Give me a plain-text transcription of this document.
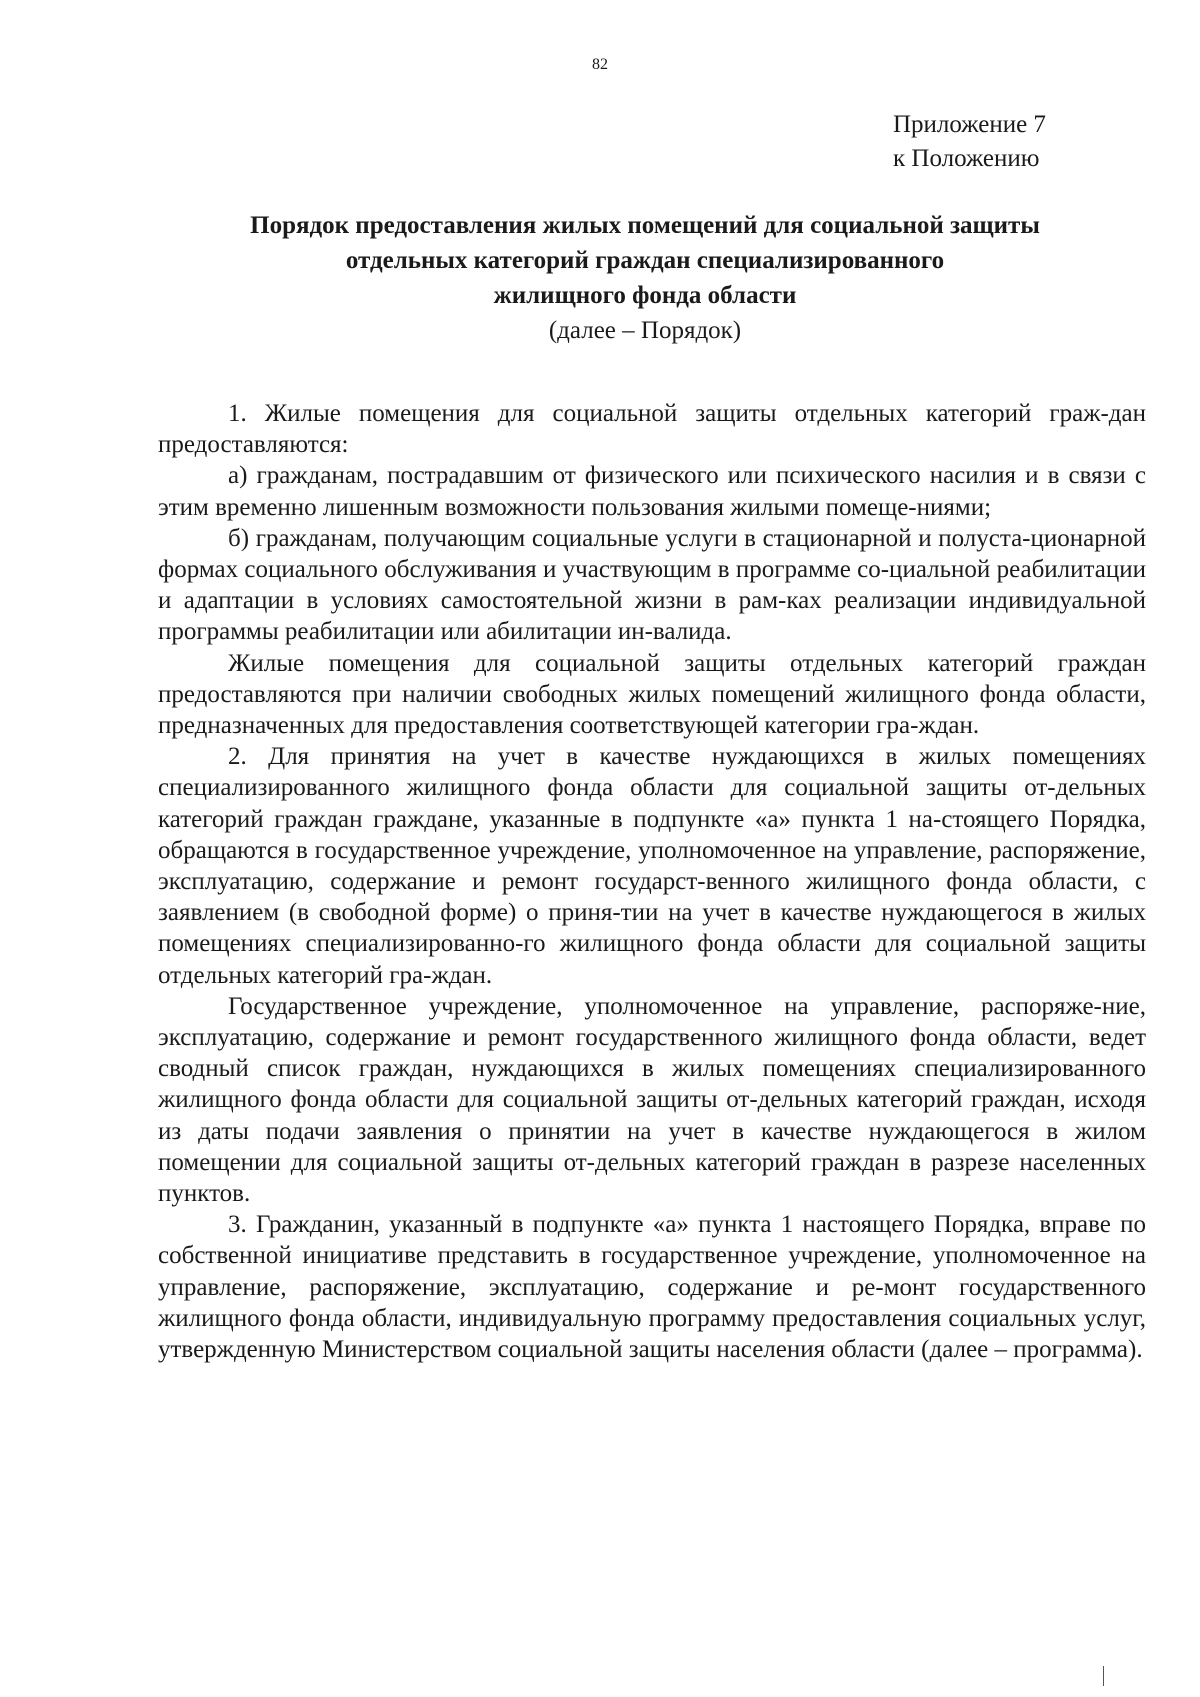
82
Приложение 7
к Положению
Порядок предоставления жилых помещений для социальной защиты
отдельных категорий граждан специализированного
жилищного фонда области
(далее – Порядок)

1. Жилые помещения для социальной защиты отдельных категорий граж-дан предоставляются:

а) гражданам, пострадавшим от физического или психического насилия и в связи с этим временно лишенным возможности пользования жилыми помеще-ниями;

б) гражданам, получающим социальные услуги в стационарной и полуста-ционарной формах социального обслуживания и участвующим в программе со-циальной реабилитации и адаптации в условиях самостоятельной жизни в рам-ках реализации индивидуальной программы реабилитации или абилитации ин-валида.

Жилые помещения для социальной защиты отдельных категорий граждан предоставляются при наличии свободных жилых помещений жилищного фонда области, предназначенных для предоставления соответствующей категории гра-ждан.

2. Для принятия на учет в качестве нуждающихся в жилых помещениях специализированного жилищного фонда области для социальной защиты от-дельных категорий граждан граждане, указанные в подпункте «а» пункта 1 на-стоящего Порядка, обращаются в государственное учреждение, уполномоченное на управление, распоряжение, эксплуатацию, содержание и ремонт государст-венного жилищного фонда области, с заявлением (в свободной форме) о приня-тии на учет в качестве нуждающегося в жилых помещениях специализированно-го жилищного фонда области для социальной защиты отдельных категорий гра-ждан.

Государственное учреждение, уполномоченное на управление, распоряже-ние, эксплуатацию, содержание и ремонт государственного жилищного фонда области, ведет сводный список граждан, нуждающихся в жилых помещениях специализированного жилищного фонда области для социальной защиты от-дельных категорий граждан, исходя из даты подачи заявления о принятии на учет в качестве нуждающегося в жилом помещении для социальной защиты от-дельных категорий граждан в разрезе населенных пунктов.

3. Гражданин, указанный в подпункте «а» пункта 1 настоящего Порядка, вправе по собственной инициативе представить в государственное учреждение, уполномоченное на управление, распоряжение, эксплуатацию, содержание и ре-монт государственного жилищного фонда области, индивидуальную программу предоставления социальных услуг, утвержденную Министерством социальной защиты населения области (далее – программа).
